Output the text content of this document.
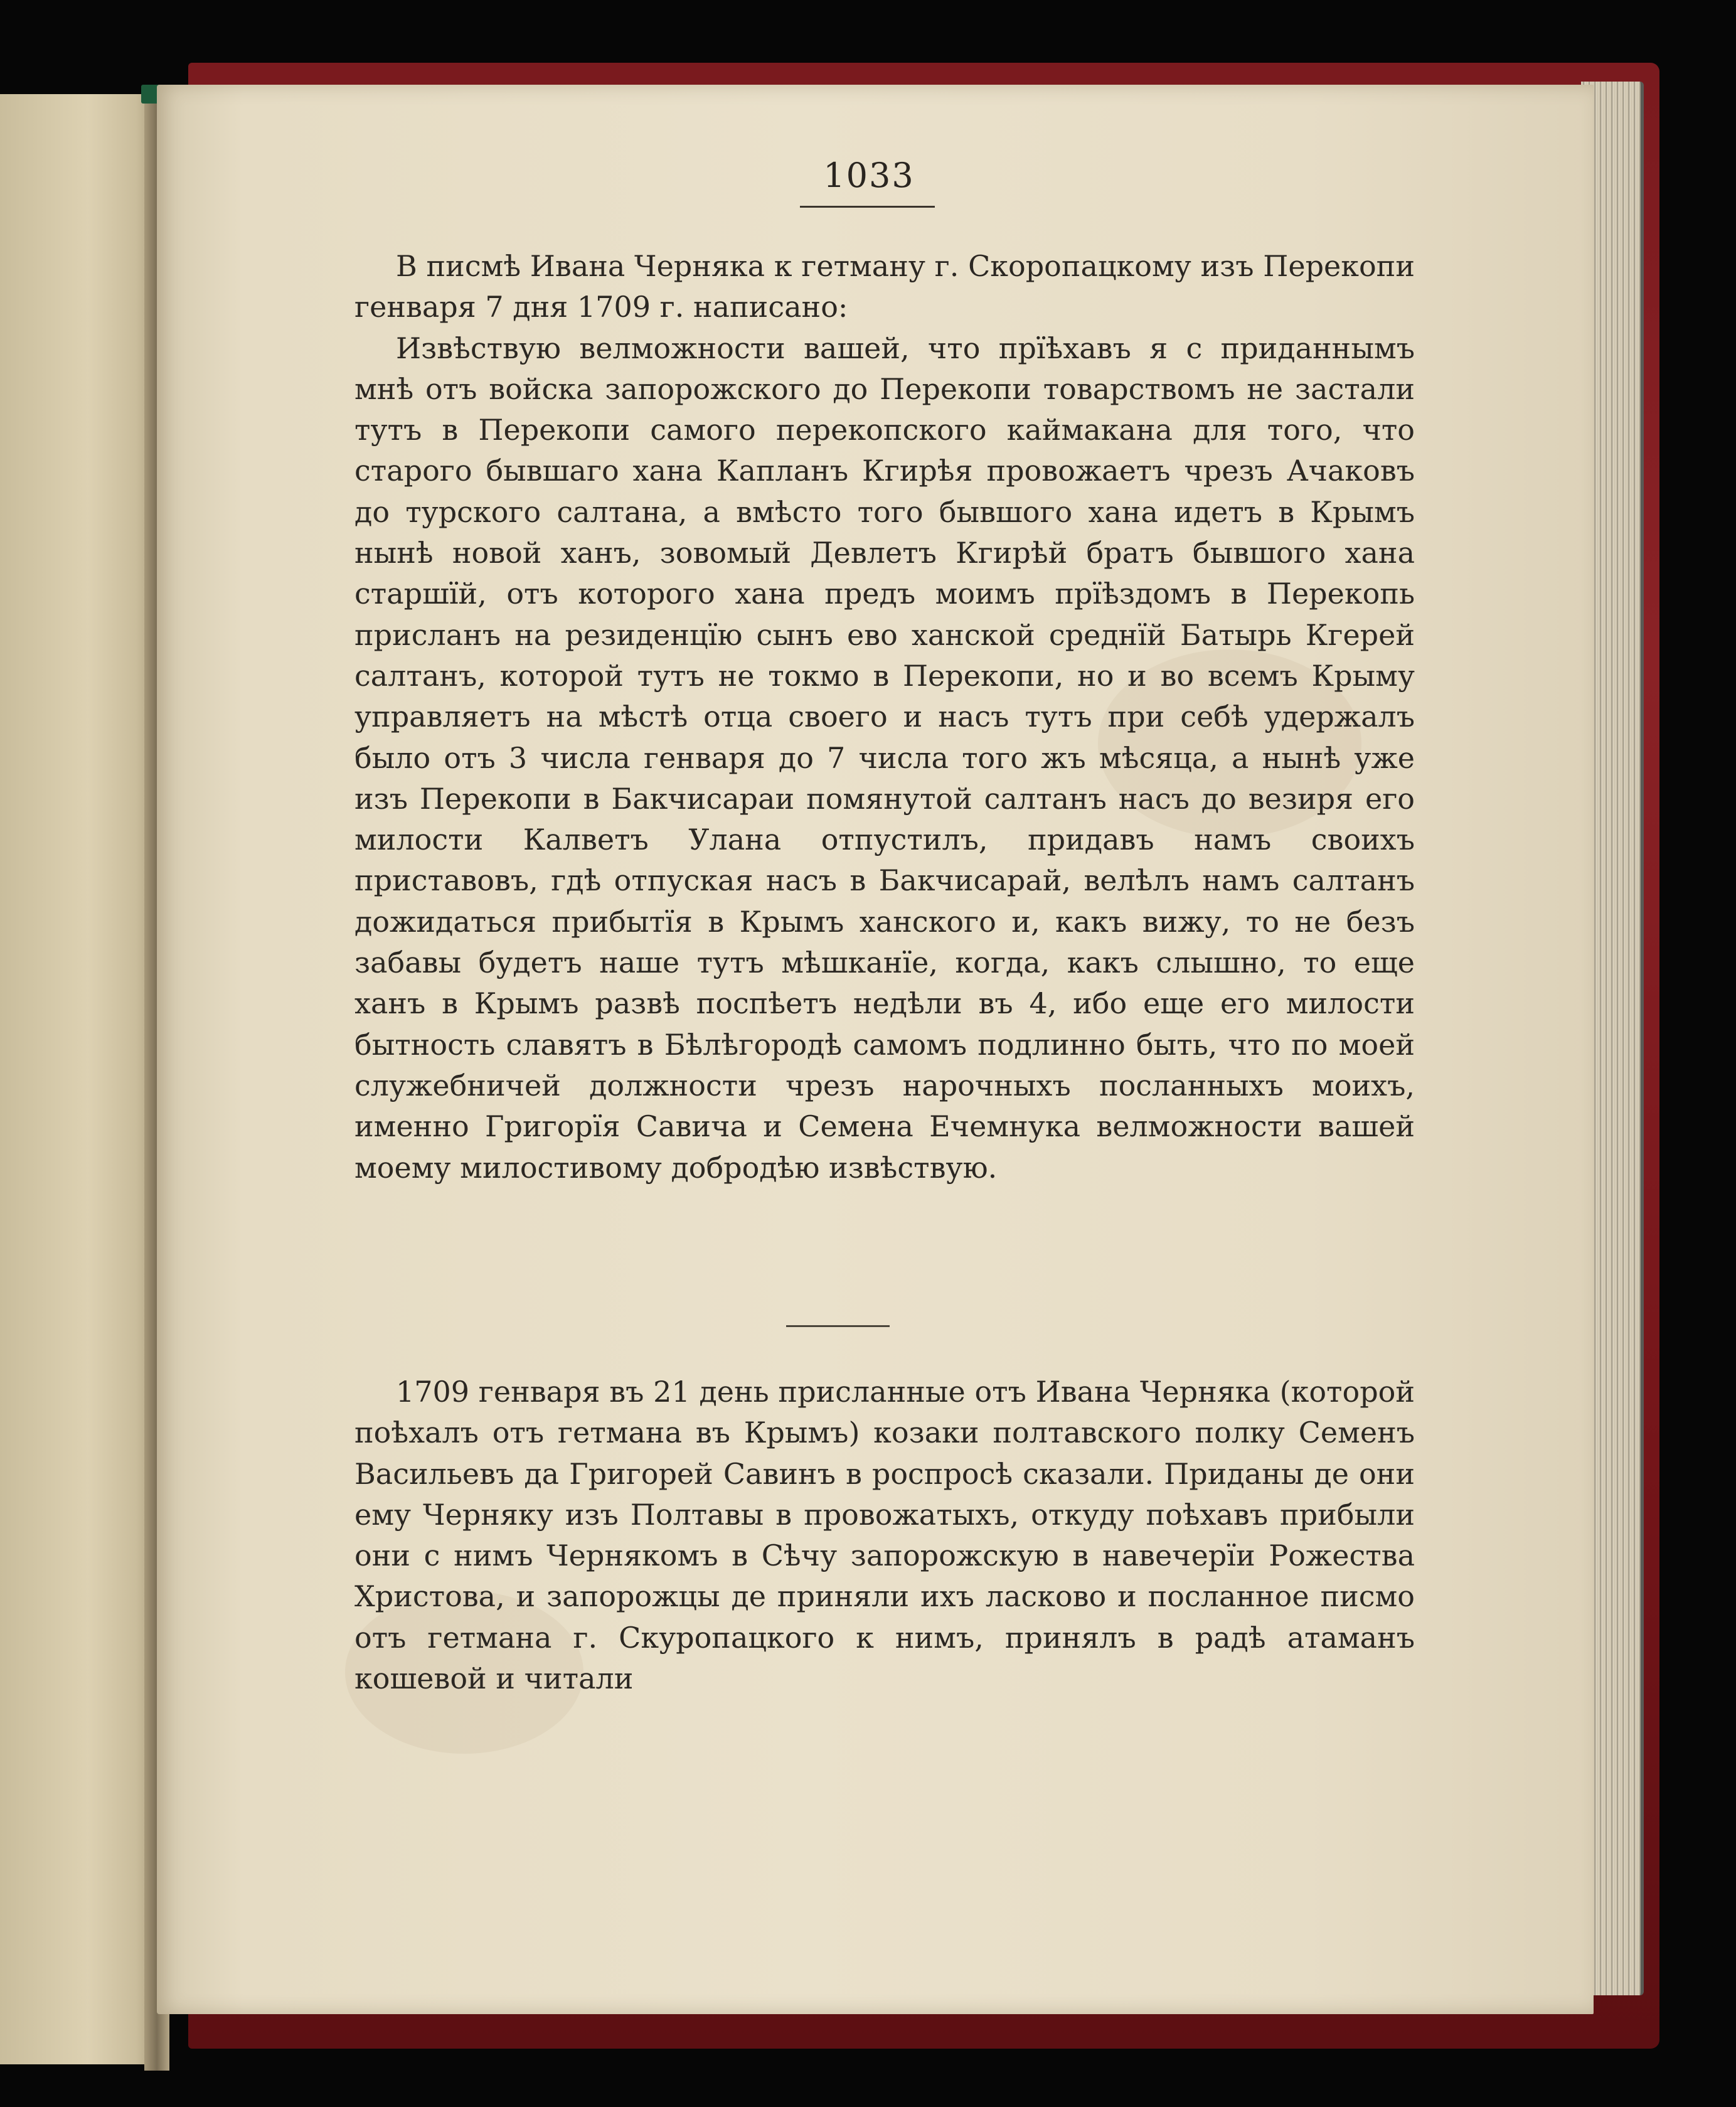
1033

В писмѣ Ивана Черняка к гетману г. Скоропацкому изъ Перекопи генваря 7 дня 1709 г. написано:

Извѣствую велможности вашей, что прїѣхавъ я с приданнымъ мнѣ отъ войска запорожского до Перекопи товарствомъ не застали тутъ в Перекопи самого перекопского каймакана для того, что старого бывшаго хана Капланъ Кгирѣя провожаетъ чрезъ Ачаковъ до турского салтана, а вмѣсто того бывшого хана идетъ в Крымъ нынѣ новой ханъ, зовомый Девлетъ Кгирѣй братъ бывшого хана старшїй, отъ которого хана предъ моимъ прїѣздомъ в Перекопь присланъ на резиденцїю сынъ ево ханской среднїй Батырь Кгерей салтанъ, которой тутъ не токмо в Перекопи, но и во всемъ Крыму управляетъ на мѣстѣ отца своего и насъ тутъ при себѣ удержалъ было отъ 3 числа генваря до 7 числа того жъ мѣсяца, а нынѣ уже изъ Перекопи в Бакчисараи помянутой салтанъ насъ до везиря его милости Калветъ Улана отпустилъ, придавъ намъ своихъ приставовъ, гдѣ отпуская насъ в Бакчисарай, велѣлъ намъ салтанъ дожидаться прибытїя в Крымъ ханского и, какъ вижу, то не безъ забавы будетъ наше тутъ мѣшканїе, когда, какъ слышно, то еще ханъ в Крымъ развѣ поспѣетъ недѣли въ 4, ибо еще его милости бытность славятъ в Бѣлѣгородѣ самомъ подлинно быть, что по моей служебничей должности чрезъ нарочныхъ посланныхъ моихъ, именно Григорїя Савича и Семена Ечемнука велможности вашей моему милостивому добродѣю извѣствую.

1709 генваря въ 21 день присланные отъ Ивана Черняка (которой поѣхалъ отъ гетмана въ Крымъ) козаки полтавского полку Семенъ Васильевъ да Григорей Савинъ в роспросѣ сказали. Приданы де они ему Черняку изъ Полтавы в провожатыхъ, откуду поѣхавъ прибыли они с нимъ Чернякомъ в Сѣчу запорожскую в навечерїи Рожества Христова, и запорожцы де приняли ихъ ласково и посланное писмо отъ гетмана г. Скуропацкого к нимъ, принялъ в радѣ атаманъ кошевой и читали
